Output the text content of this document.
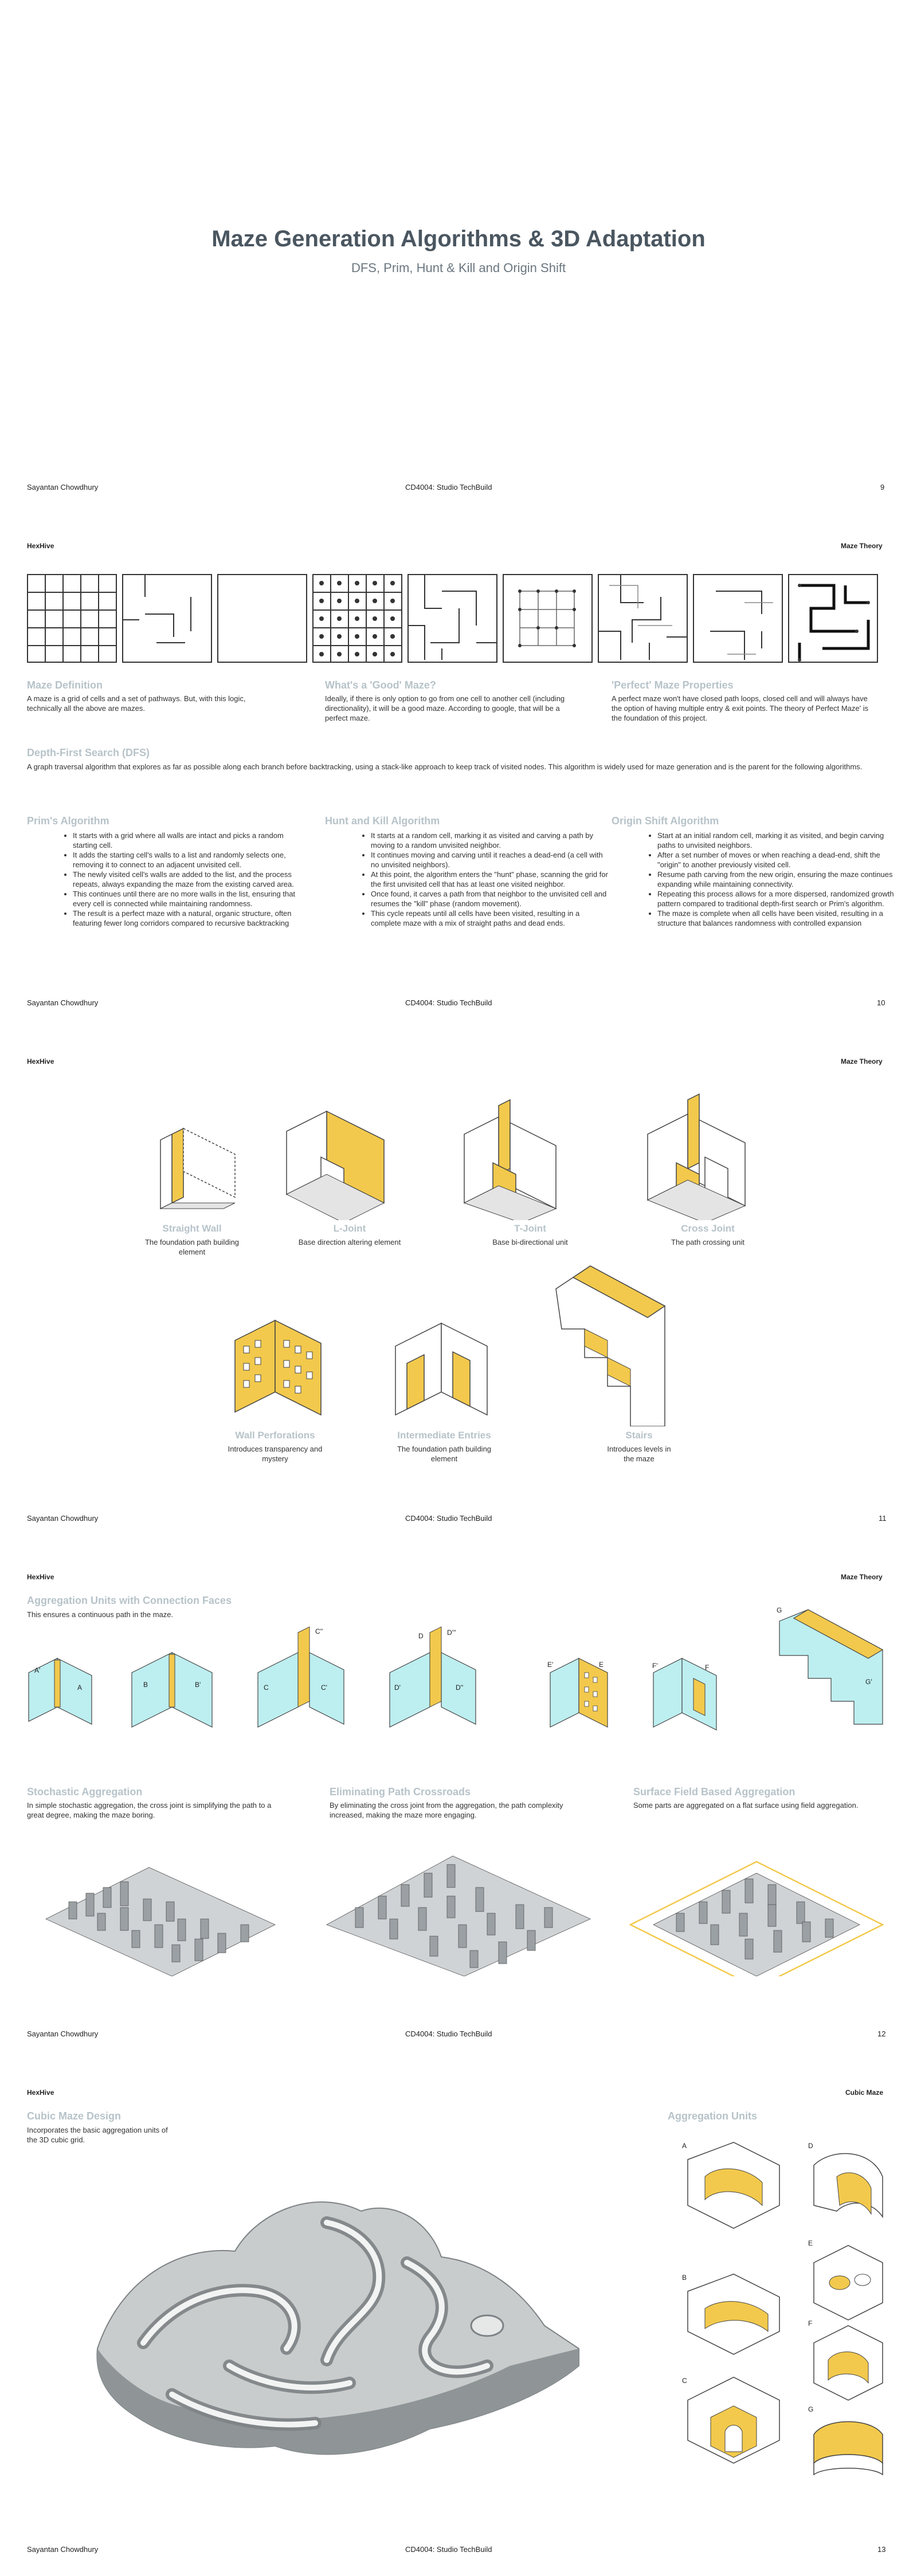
Maze Generation Algorithms & 3D Adaptation
DFS, Prim, Hunt & Kill and Origin Shift
Sayantan Chowdhury	CD4004: Studio TechBuild	9
HexHive	Maze Theory
Maze Definition
A maze is a grid of cells and a set of pathways. But, with this logic, technically all the above are mazes.
What's a 'Good' Maze?
Ideally, if there is only option to go from one cell to another cell (including directionality), it will be a good maze. According to google, that will be a perfect maze.
'Perfect' Maze Properties
A perfect maze won't have closed path loops, closed cell and will always have the option of having multiple entry & exit points. The theory of Perfect Maze' is the foundation of this project.
Depth-First Search (DFS)
A graph traversal algorithm that explores as far as possible along each branch before backtracking, using a stack-like approach to keep track of visited nodes. This algorithm is widely used for maze generation and is the parent for the following algorithms.
Prim's Algorithm
• It starts with a grid where all walls are intact and picks a random starting cell.
• It adds the starting cell's walls to a list and randomly selects one, removing it to connect to an adjacent unvisited cell.
• The newly visited cell's walls are added to the list, and the process repeats, always expanding the maze from the existing carved area.
• This continues until there are no more walls in the list, ensuring that every cell is connected while maintaining randomness.
• The result is a perfect maze with a natural, organic structure, often featuring fewer long corridors compared to recursive backtracking
Hunt and Kill Algorithm
• It starts at a random cell, marking it as visited and carving a path by moving to a random unvisited neighbor.
• It continues moving and carving until it reaches a dead-end (a cell with no unvisited neighbors).
• At this point, the algorithm enters the "hunt" phase, scanning the grid for the first unvisited cell that has at least one visited neighbor.
• Once found, it carves a path from that neighbor to the unvisited cell and resumes the "kill" phase (random movement).
• This cycle repeats until all cells have been visited, resulting in a complete maze with a mix of straight paths and dead ends.
Origin Shift Algorithm
• Start at an initial random cell, marking it as visited, and begin carving paths to unvisited neighbors.
• After a set number of moves or when reaching a dead-end, shift the "origin" to another previously visited cell.
• Resume path carving from the new origin, ensuring the maze continues expanding while maintaining connectivity.
• Repeating this process allows for a more dispersed, randomized growth pattern compared to traditional depth-first search or Prim's algorithm.
• The maze is complete when all cells have been visited, resulting in a structure that balances randomness with controlled expansion
Sayantan Chowdhury	CD4004: Studio TechBuild	10
HexHive	Maze Theory
Straight Wall
The foundation path building element
L-Joint
Base direction altering element
T-Joint
Base bi-directional unit
Cross Joint
The path crossing unit
Wall Perforations
Introduces transparency and mystery
Intermediate Entries
The foundation path building element
Stairs
Introduces levels in the maze
Sayantan Chowdhury	CD4004: Studio TechBuild	11
HexHive	Maze Theory
Aggregation Units with Connection Faces
This ensures a continuous path in the maze.
A'
A	B	B'	C	C'
C''
D
D'	D''
D'''
E'	E	F'	F
G
G'
Stochastic Aggregation
In simple stochastic aggregation, the cross joint is simplifying the path to a great degree, making the maze boring.
Eliminating Path Crossroads
By eliminating the cross joint from the aggregation, the path complexity increased, making the maze more engaging.
Surface Field Based Aggregation
Some parts are aggregated on a flat surface using field aggregation.
Sayantan Chowdhury	CD4004: Studio TechBuild	12
HexHive	Cubic Maze
Cubic Maze Design
Incorporates the basic aggregation units of the 3D cubic grid.
Aggregation Units
A	D
E
B
F
C
G
Sayantan Chowdhury	CD4004: Studio TechBuild	13
